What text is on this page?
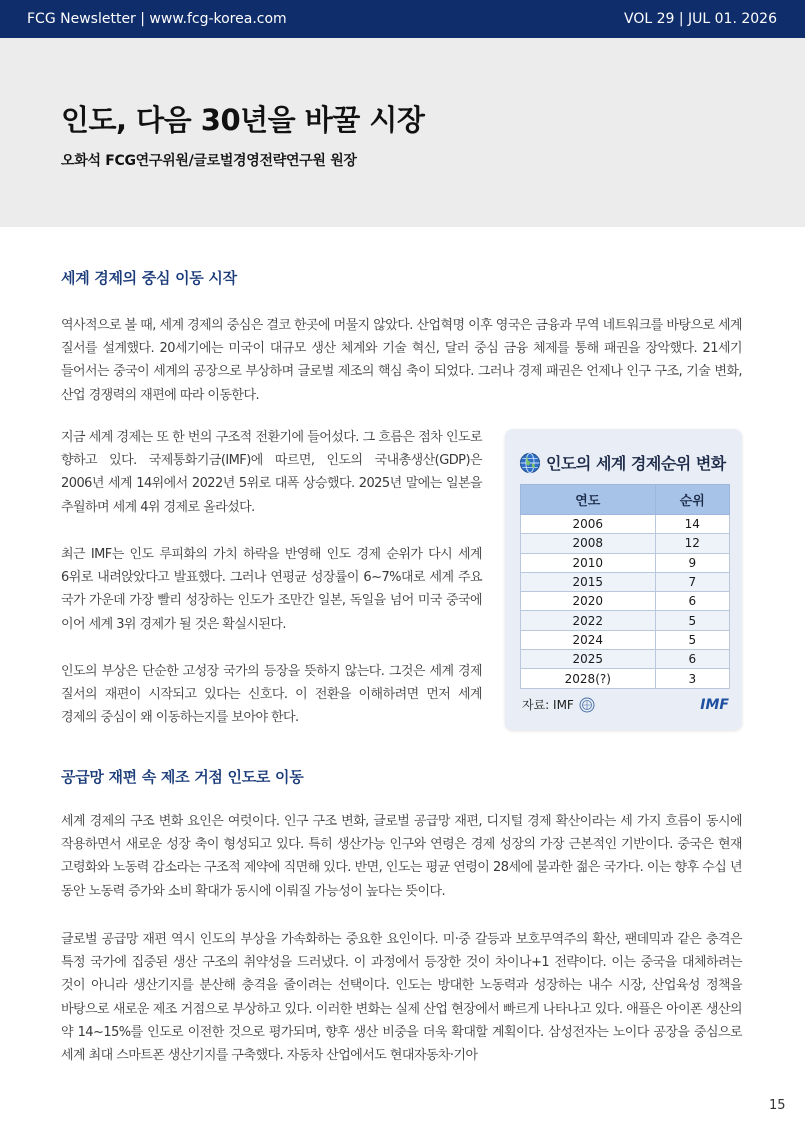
FCG Newsletter | www.fcg-korea.com	VOL 29 | JUL 01. 2026
인도, 다음 30년을 바꿀 시장
오화석 FCG연구위원/글로벌경영전략연구원 원장
세계 경제의 중심 이동 시작

역사적으로 볼 때, 세계 경제의 중심은 결코 한곳에 머물지 않았다. 산업혁명 이후 영국은 금융과 무역 네트워크를 바탕으로 세계 질서를 설계했다. 20세기에는 미국이 대규모 생산 체계와 기술 혁신, 달러 중심 금융 체제를 통해 패권을 장악했다. 21세기 들어서는 중국이 세계의 공장으로 부상하며 글로벌 제조의 핵심 축이 되었다. 그러나 경제 패권은 언제나 인구 구조, 기술 변화, 산업 경쟁력의 재편에 따라 이동한다.

지금 세계 경제는 또 한 번의 구조적 전환기에 들어섰다. 그 흐름은 점차 인도로 향하고 있다. 국제통화기금(IMF)에 따르면, 인도의 국내총생산(GDP)은 2006년 세계 14위에서 2022년 5위로 대폭 상승했다. 2025년 말에는 일본을 추월하며 세계 4위 경제로 올라섰다.

최근 IMF는 인도 루피화의 가치 하락을 반영해 인도 경제 순위가 다시 세계 6위로 내려앉았다고 발표했다. 그러나 연평균 성장률이 6~7%대로 세계 주요 국가 가운데 가장 빨리 성장하는 인도가 조만간 일본, 독일을 넘어 미국 중국에 이어 세계 3위 경제가 될 것은 확실시된다.

인도의 부상은 단순한 고성장 국가의 등장을 뜻하지 않는다. 그것은 세계 경제 질서의 재편이 시작되고 있다는 신호다. 이 전환을 이해하려면 먼저 세계 경제의 중심이 왜 이동하는지를 보아야 한다.

인도의 세계 경제순위 변화
연도	순위
2006	14
2008	12
2010	9
2015	7
2020	6
2022	5
2024	5
2025	6
2028(?)	3
자료: IMF	IMF
공급망 재편 속 제조 거점 인도로 이동

세계 경제의 구조 변화 요인은 여럿이다. 인구 구조 변화, 글로벌 공급망 재편, 디지털 경제 확산이라는 세 가지 흐름이 동시에 작용하면서 새로운 성장 축이 형성되고 있다. 특히 생산가능 인구와 연령은 경제 성장의 가장 근본적인 기반이다. 중국은 현재 고령화와 노동력 감소라는 구조적 제약에 직면해 있다. 반면, 인도는 평균 연령이 28세에 불과한 젊은 국가다. 이는 향후 수십 년 동안 노동력 증가와 소비 확대가 동시에 이뤄질 가능성이 높다는 뜻이다.

글로벌 공급망 재편 역시 인도의 부상을 가속화하는 중요한 요인이다. 미·중 갈등과 보호무역주의 확산, 팬데믹과 같은 충격은 특정 국가에 집중된 생산 구조의 취약성을 드러냈다. 이 과정에서 등장한 것이 차이나+1 전략이다. 이는 중국을 대체하려는 것이 아니라 생산기지를 분산해 충격을 줄이려는 선택이다. 인도는 방대한 노동력과 성장하는 내수 시장, 산업육성 정책을 바탕으로 새로운 제조 거점으로 부상하고 있다. 이러한 변화는 실제 산업 현장에서 빠르게 나타나고 있다. 애플은 아이폰 생산의 약 14~15%를 인도로 이전한 것으로 평가되며, 향후 생산 비중을 더욱 확대할 계획이다. 삼성전자는 노이다 공장을 중심으로 세계 최대 스마트폰 생산기지를 구축했다. 자동차 산업에서도 현대자동차·기아

15
